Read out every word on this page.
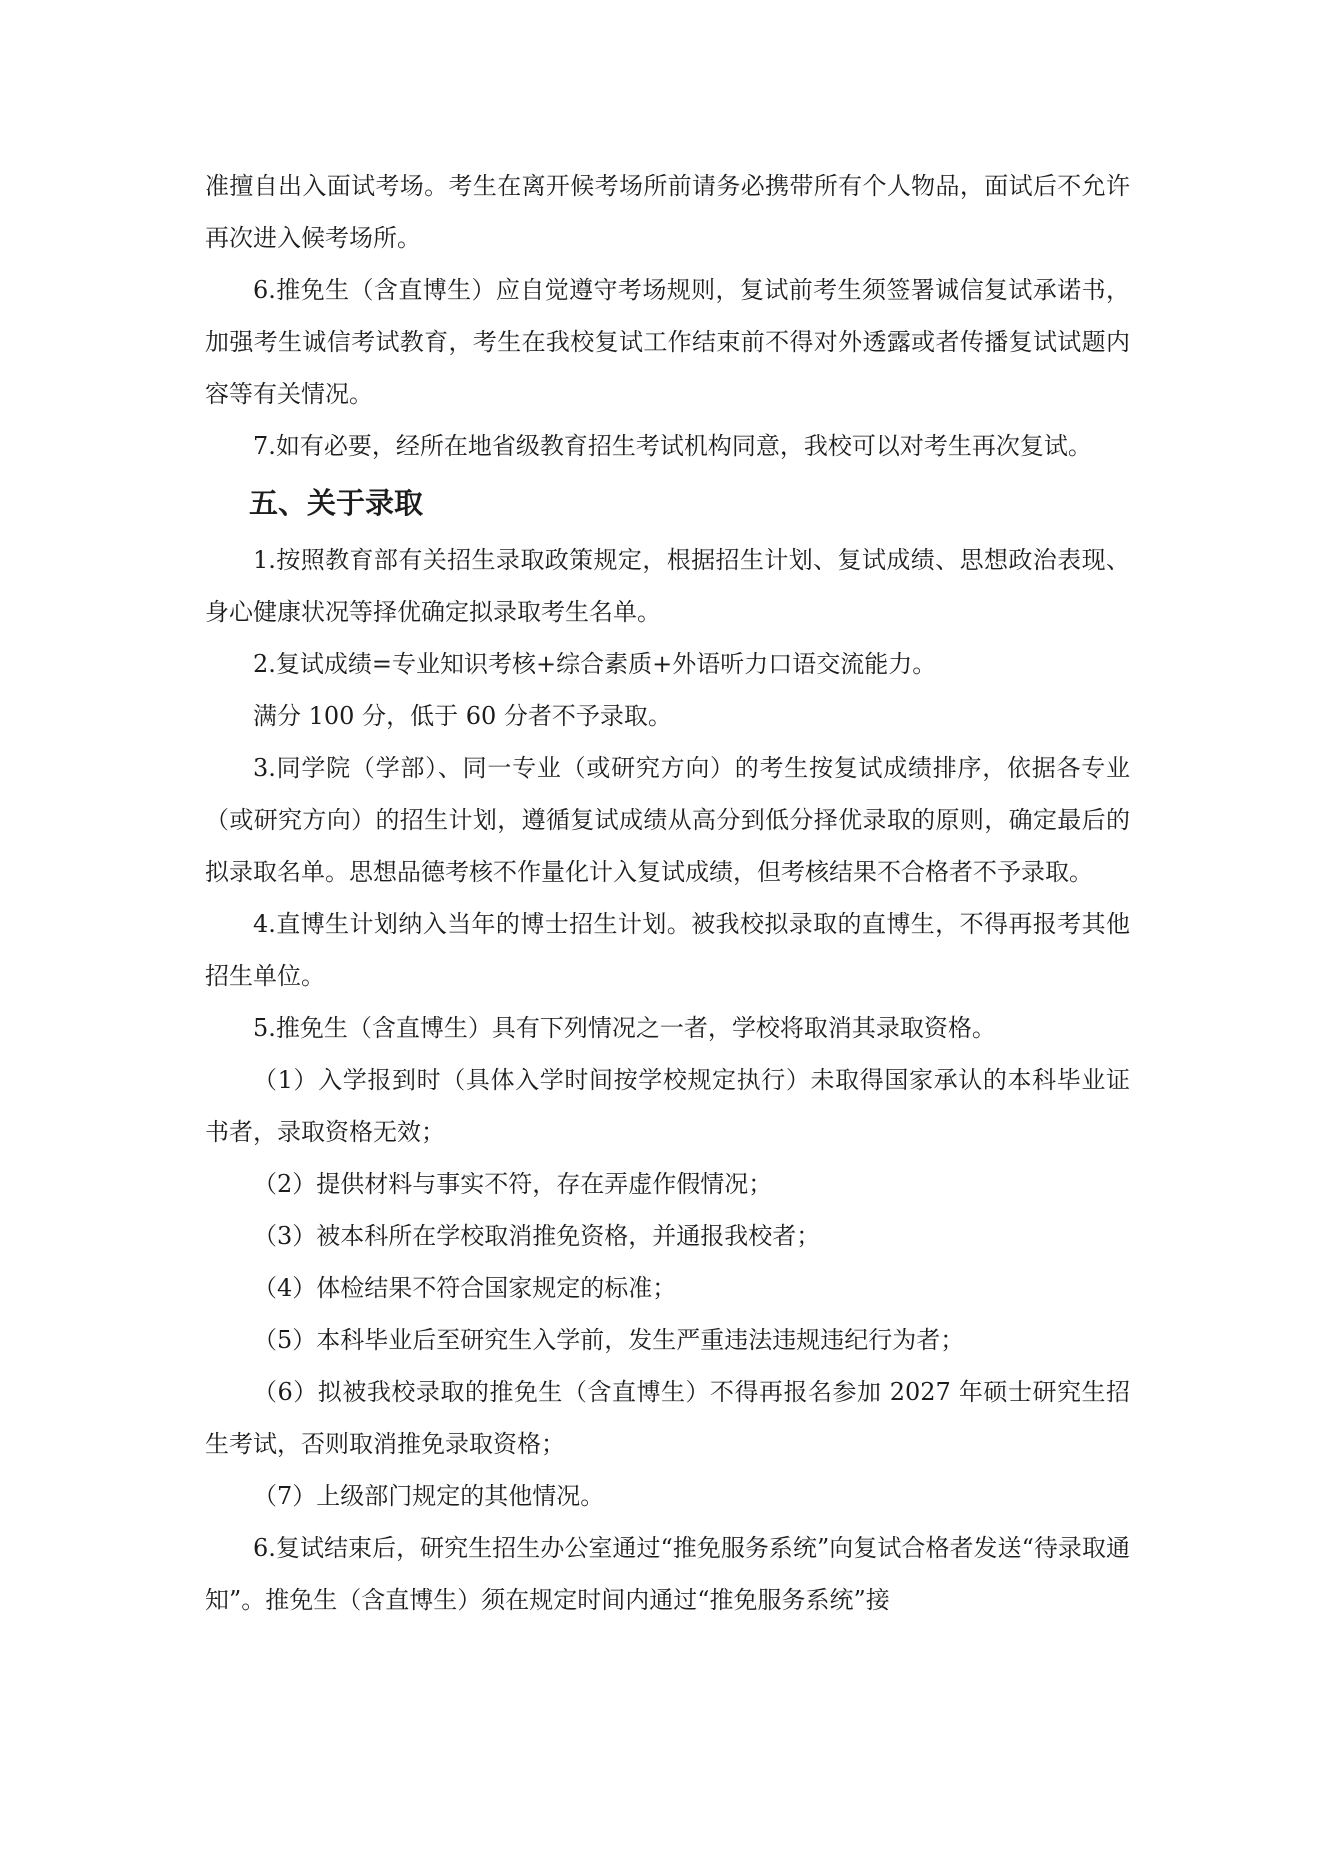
准擅自出入面试考场。考生在离开候考场所前请务必携带所有个人物品，面试后不允许再次进入候考场所。

6.推免生（含直博生）应自觉遵守考场规则，复试前考生须签署诚信复试承诺书，加强考生诚信考试教育，考生在我校复试工作结束前不得对外透露或者传播复试试题内容等有关情况。

7.如有必要，经所在地省级教育招生考试机构同意，我校可以对考生再次复试。

五、关于录取

1.按照教育部有关招生录取政策规定，根据招生计划、复试成绩、思想政治表现、身心健康状况等择优确定拟录取考生名单。

2.复试成绩=专业知识考核+综合素质+外语听力口语交流能力。

满分 100 分，低于 60 分者不予录取。

3.同学院（学部）、同一专业（或研究方向）的考生按复试成绩排序，依据各专业（或研究方向）的招生计划，遵循复试成绩从高分到低分择优录取的原则，确定最后的拟录取名单。思想品德考核不作量化计入复试成绩，但考核结果不合格者不予录取。

4.直博生计划纳入当年的博士招生计划。被我校拟录取的直博生，不得再报考其他招生单位。

5.推免生（含直博生）具有下列情况之一者，学校将取消其录取资格。

（1）入学报到时（具体入学时间按学校规定执行）未取得国家承认的本科毕业证书者，录取资格无效；

（2）提供材料与事实不符，存在弄虚作假情况；

（3）被本科所在学校取消推免资格，并通报我校者；

（4）体检结果不符合国家规定的标准；

（5）本科毕业后至研究生入学前，发生严重违法违规违纪行为者；

（6）拟被我校录取的推免生（含直博生）不得再报名参加 2027 年硕士研究生招生考试，否则取消推免录取资格；

（7）上级部门规定的其他情况。

6.复试结束后，研究生招生办公室通过“推免服务系统”向复试合格者发送“待录取通知”。推免生（含直博生）须在规定时间内通过“推免服务系统”接
